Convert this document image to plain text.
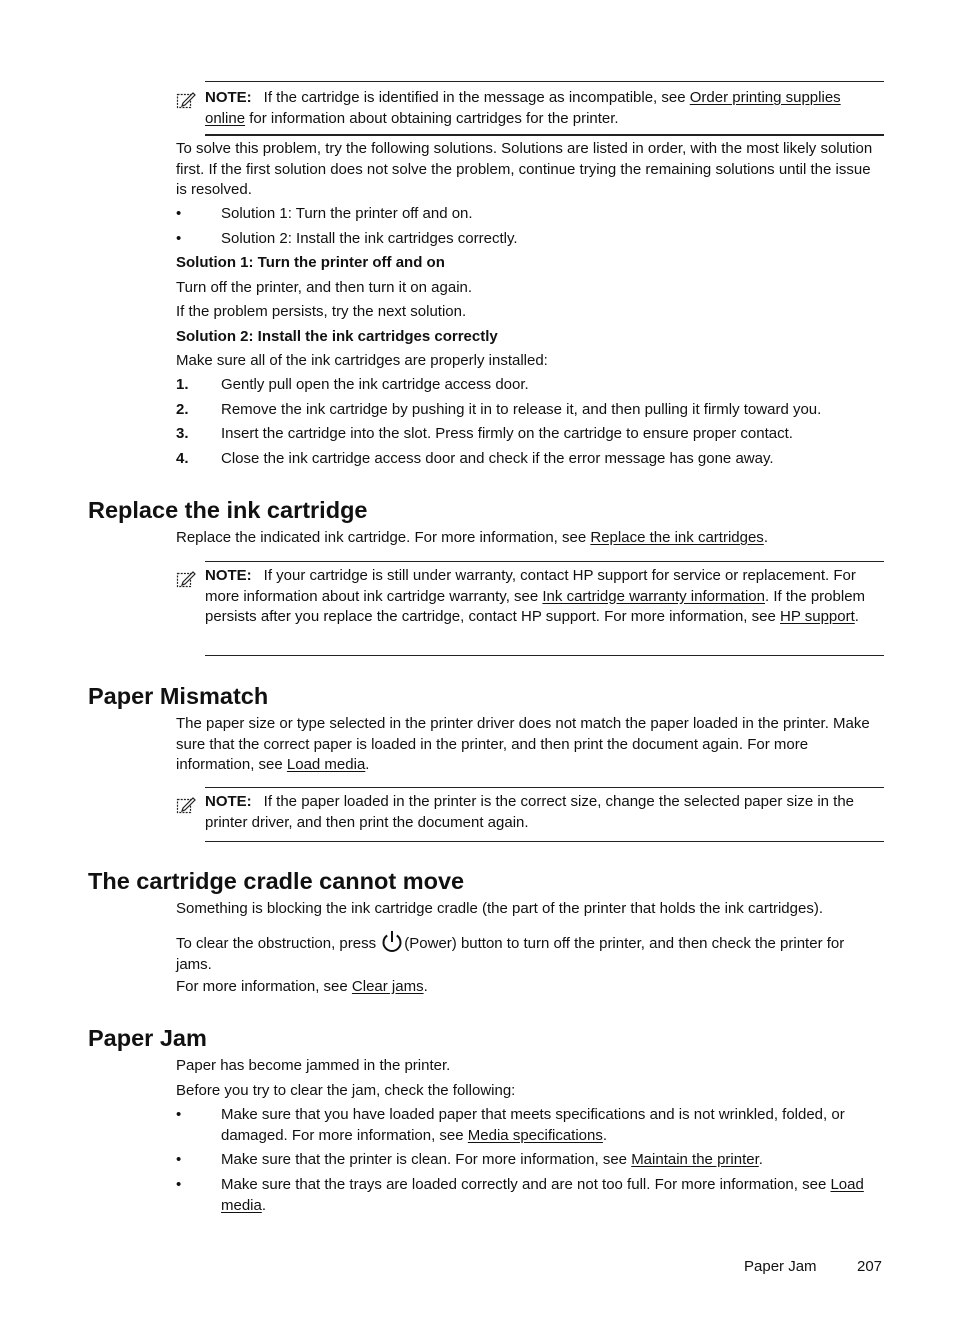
NOTE: If the cartridge is identified in the message as incompatible, see Order printing supplies online for information about obtaining cartridges for the printer.

To solve this problem, try the following solutions. Solutions are listed in order, with the most likely solution first. If the first solution does not solve the problem, continue trying the remaining solutions until the issue is resolved.

•	Solution 1: Turn the printer off and on.
•	Solution 2: Install the ink cartridges correctly.

Solution 1: Turn the printer off and on

Turn off the printer, and then turn it on again.

If the problem persists, try the next solution.

Solution 2: Install the ink cartridges correctly

Make sure all of the ink cartridges are properly installed:

1. Gently pull open the ink cartridge access door.
2. Remove the ink cartridge by pushing it in to release it, and then pulling it firmly toward you.
3. Insert the cartridge into the slot. Press firmly on the cartridge to ensure proper contact.
4. Close the ink cartridge access door and check if the error message has gone away.
Replace the ink cartridge

Replace the indicated ink cartridge. For more information, see Replace the ink cartridges.

NOTE: If your cartridge is still under warranty, contact HP support for service or replacement. For more information about ink cartridge warranty, see Ink cartridge warranty information. If the problem persists after you replace the cartridge, contact HP support. For more information, see HP support.
Paper Mismatch

The paper size or type selected in the printer driver does not match the paper loaded in the printer. Make sure that the correct paper is loaded in the printer, and then print the document again. For more information, see Load media.

NOTE: If the paper loaded in the printer is the correct size, change the selected paper size in the printer driver, and then print the document again.
The cartridge cradle cannot move

Something is blocking the ink cartridge cradle (the part of the printer that holds the ink cartridges).

To clear the obstruction, press (Power) button to turn off the printer, and then check the printer for jams.

For more information, see Clear jams.

Paper Jam

Paper has become jammed in the printer.

Before you try to clear the jam, check the following:

•	Make sure that you have loaded paper that meets specifications and is not wrinkled, folded, or damaged. For more information, see Media specifications.
•	Make sure that the printer is clean. For more information, see Maintain the printer.
•	Make sure that the trays are loaded correctly and are not too full. For more information, see Load media.
Paper Jam	207
